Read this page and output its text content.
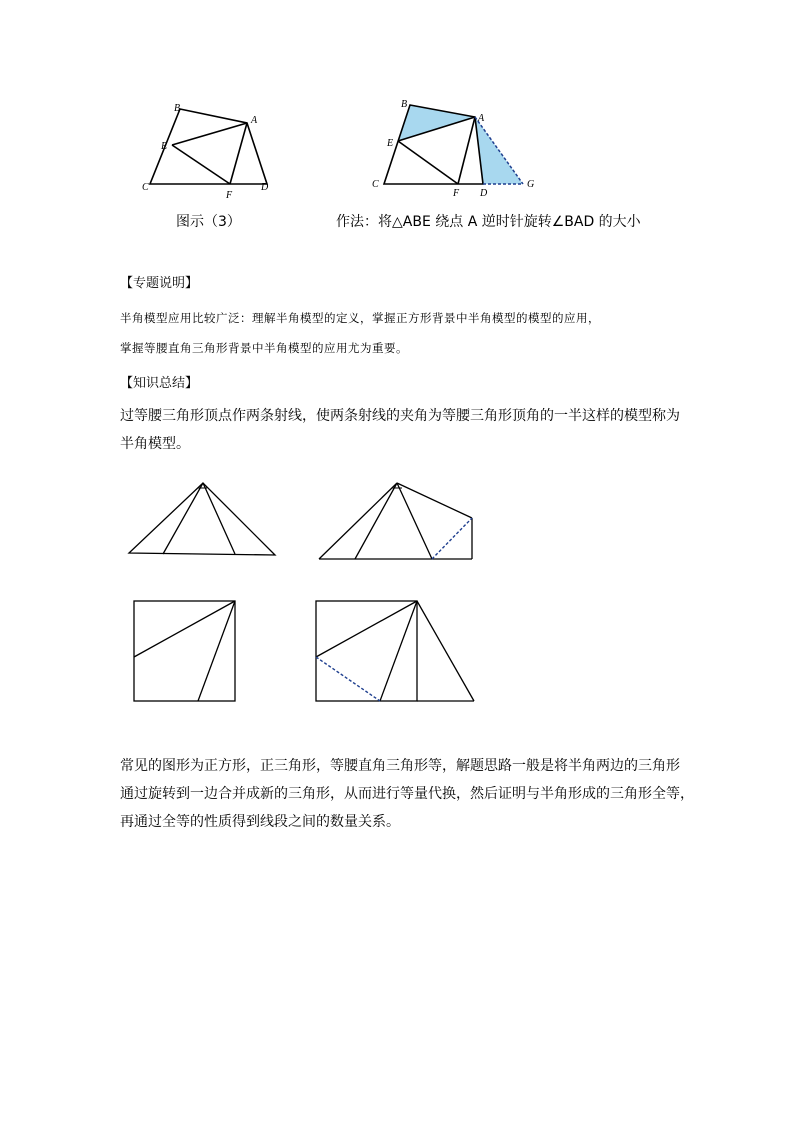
B
A
E
C
F
D
图示（3）
B
A
E
C
F D
G
作法：将△ABE 绕点 A 逆时针旋转∠BAD 的大小
【专题说明】
半角模型应用比较广泛：理解半角模型的定义，掌握正方形背景中半角模型的模型的应用，
掌握等腰直角三角形背景中半角模型的应用尤为重要。
【知识总结】
过等腰三角形顶点作两条射线，使两条射线的夹角为等腰三角形顶角的一半这样的模型称为
半角模型。
常见的图形为正方形，正三角形，等腰直角三角形等，解题思路一般是将半角两边的三角形
通过旋转到一边合并成新的三角形，从而进行等量代换，然后证明与半角形成的三角形全等，
再通过全等的性质得到线段之间的数量关系。
